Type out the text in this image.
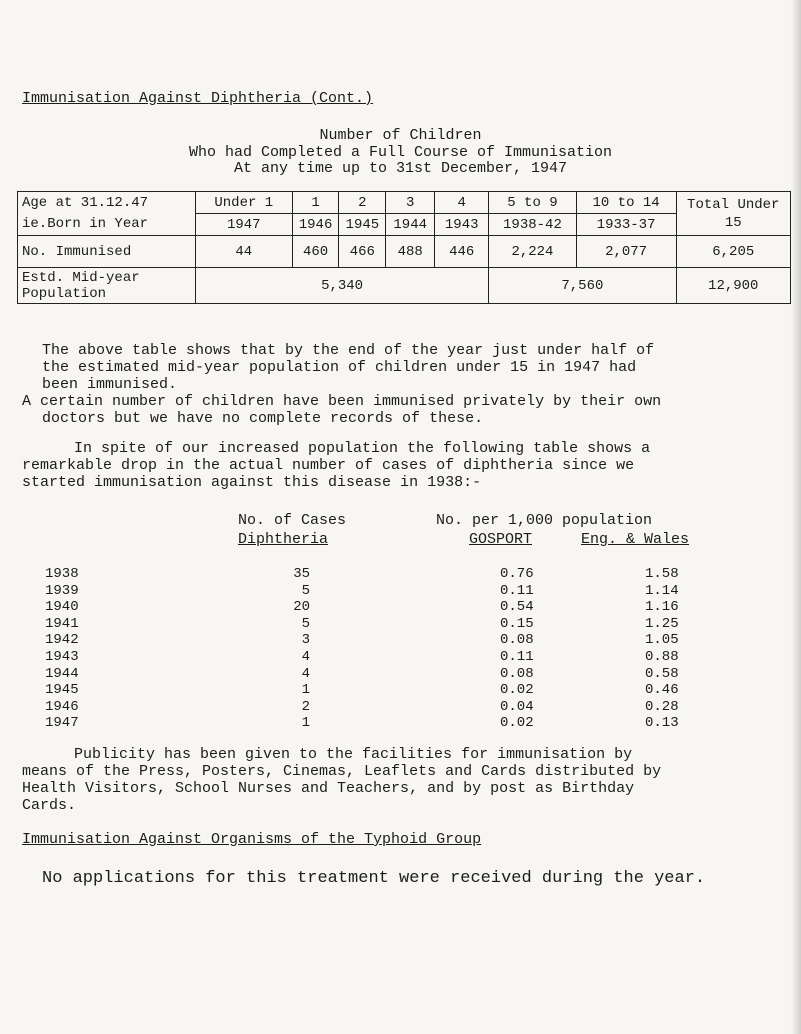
Immunisation Against Diphtheria (Cont.)
Number of Children
Who had Completed a Full Course of Immunisation
At any time up to 31st December, 1947
Age at 31.12.47	Under 1	1	2	3	4	5 to 9	10 to 14	Total Under 15
ie.Born in Year	1947	1946	1945	1944	1943	1938-42	1933-37	
No. Immunised	44	460	466	488	446	2,224	2,077	6,205
Estd. Mid-year Population	5,340					7,560		12,900
The above table shows that by the end of the year just under half of
the estimated mid-year population of children under 15 in 1947 had
been immunised.
A certain number of children have been immunised privately by their own
doctors but we have no complete records of these.
In spite of our increased population the following table shows a
remarkable drop in the actual number of cases of diphtheria since we
started immunisation against this disease in 1938:-
No. of Cases
Diphtheria
No. per 1,000 population
GOSPORT	Eng. & Wales
1938	35	0.76	1.58
1939	5	0.11	1.14
1940	20	0.54	1.16
1941	5	0.15	1.25
1942	3	0.08	1.05
1943	4	0.11	0.88
1944	4	0.08	0.58
1945	1	0.02	0.46
1946	2	0.04	0.28
1947	1	0.02	0.13
Publicity has been given to the facilities for immunisation by
means of the Press, Posters, Cinemas, Leaflets and Cards distributed by
Health Visitors, School Nurses and Teachers, and by post as Birthday
Cards.
Immunisation Against Organisms of the Typhoid Group
No applications for this treatment were received during the year.
